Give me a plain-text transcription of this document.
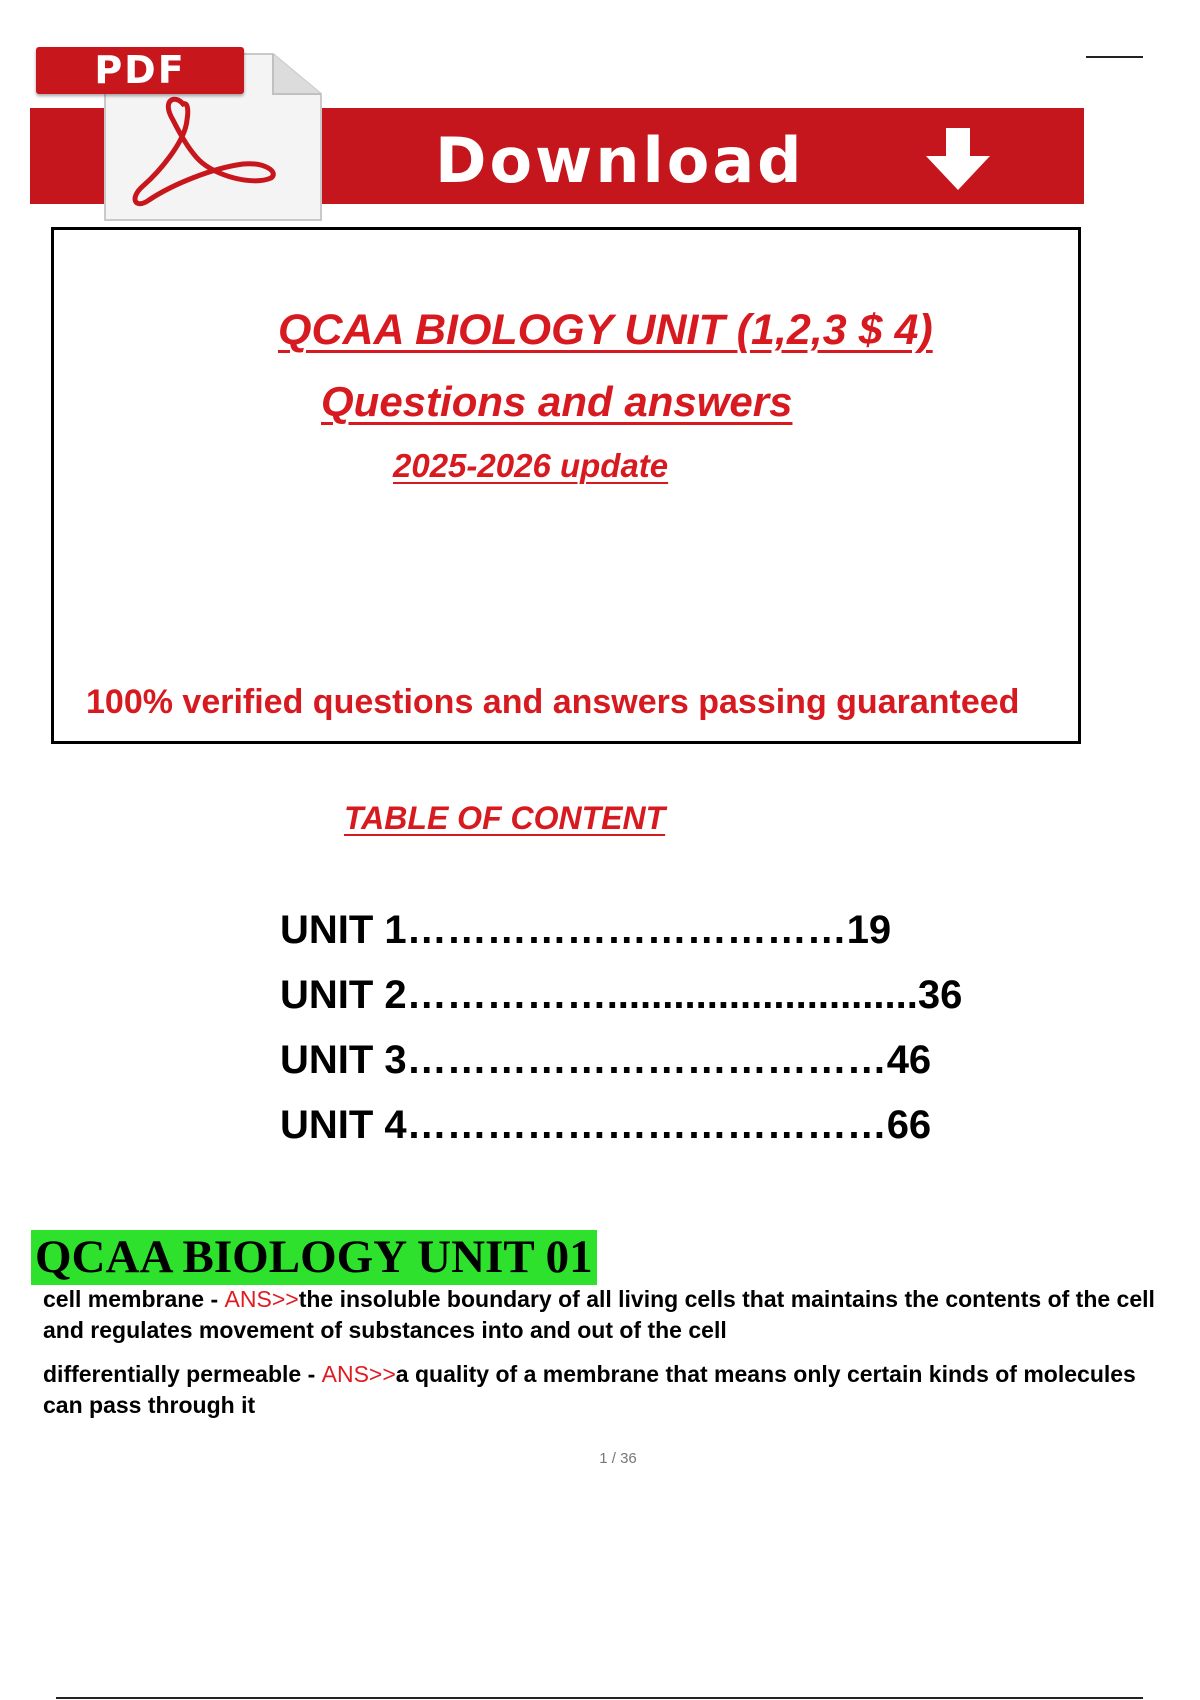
PDF
Download
QCAA BIOLOGY UNIT (1,2,3 $ 4)
Questions and answers
2025-2026 update
100% verified questions and answers passing guaranteed
TABLE OF CONTENT
UNIT 1……………………………19
UNIT 2……………............................36
UNIT 3………………………………46
UNIT 4………………………………66
QCAA BIOLOGY UNIT 01
cell membrane - ANS>>the insoluble boundary of all living cells that maintains the contents of the cell
and regulates movement of substances into and out of the cell
differentially permeable - ANS>>a quality of a membrane that means only certain kinds of molecules
can pass through it
1 / 36
